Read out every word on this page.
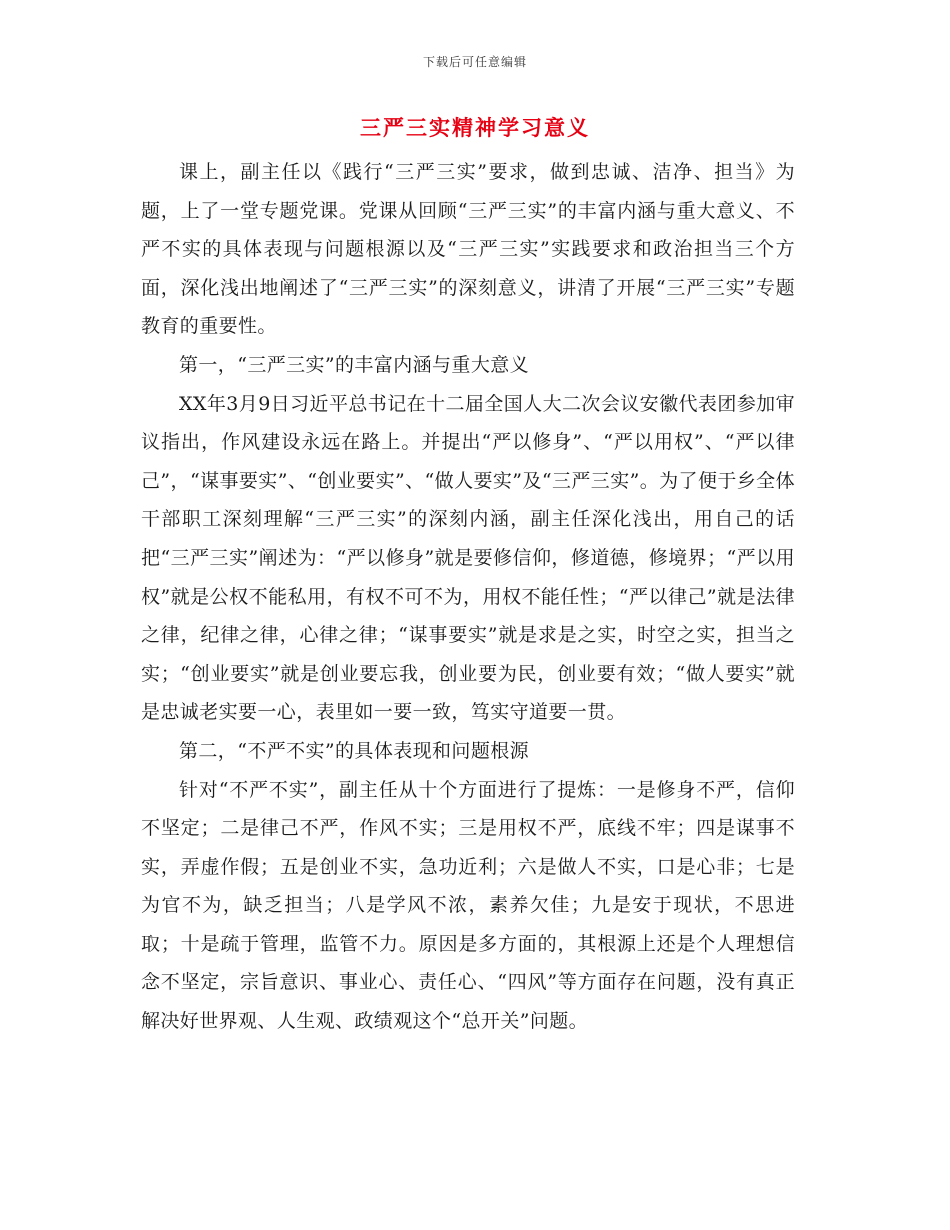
下载后可任意编辑
三严三实精神学习意义

课上，副主任以《践行“三严三实”要求，做到忠诚、洁净、担当》为题，上了一堂专题党课。党课从回顾“三严三实”的丰富内涵与重大意义、不严不实的具体表现与问题根源以及“三严三实”实践要求和政治担当三个方面，深化浅出地阐述了“三严三实”的深刻意义，讲清了开展“三严三实”专题教育的重要性。

第一，“三严三实”的丰富内涵与重大意义

XX年3月9日习近平总书记在十二届全国人大二次会议安徽代表团参加审议指出，作风建设永远在路上。并提出“严以修身”、“严以用权”、“严以律己”，“谋事要实”、“创业要实”、“做人要实”及“三严三实”。为了便于乡全体干部职工深刻理解“三严三实”的深刻内涵，副主任深化浅出，用自己的话把“三严三实”阐述为：“严以修身”就是要修信仰，修道德，修境界；“严以用权”就是公权不能私用，有权不可不为，用权不能任性；“严以律己”就是法律之律，纪律之律，心律之律；“谋事要实”就是求是之实，时空之实，担当之实；“创业要实”就是创业要忘我，创业要为民，创业要有效；“做人要实”就是忠诚老实要一心，表里如一要一致，笃实守道要一贯。

第二，“不严不实”的具体表现和问题根源

针对“不严不实”，副主任从十个方面进行了提炼：一是修身不严，信仰不坚定；二是律己不严，作风不实；三是用权不严，底线不牢；四是谋事不实，弄虚作假；五是创业不实，急功近利；六是做人不实，口是心非；七是为官不为，缺乏担当；八是学风不浓，素养欠佳；九是安于现状，不思进取；十是疏于管理，监管不力。原因是多方面的，其根源上还是个人理想信念不坚定，宗旨意识、事业心、责任心、“四风”等方面存在问题，没有真正解决好世界观、人生观、政绩观这个“总开关”问题。
